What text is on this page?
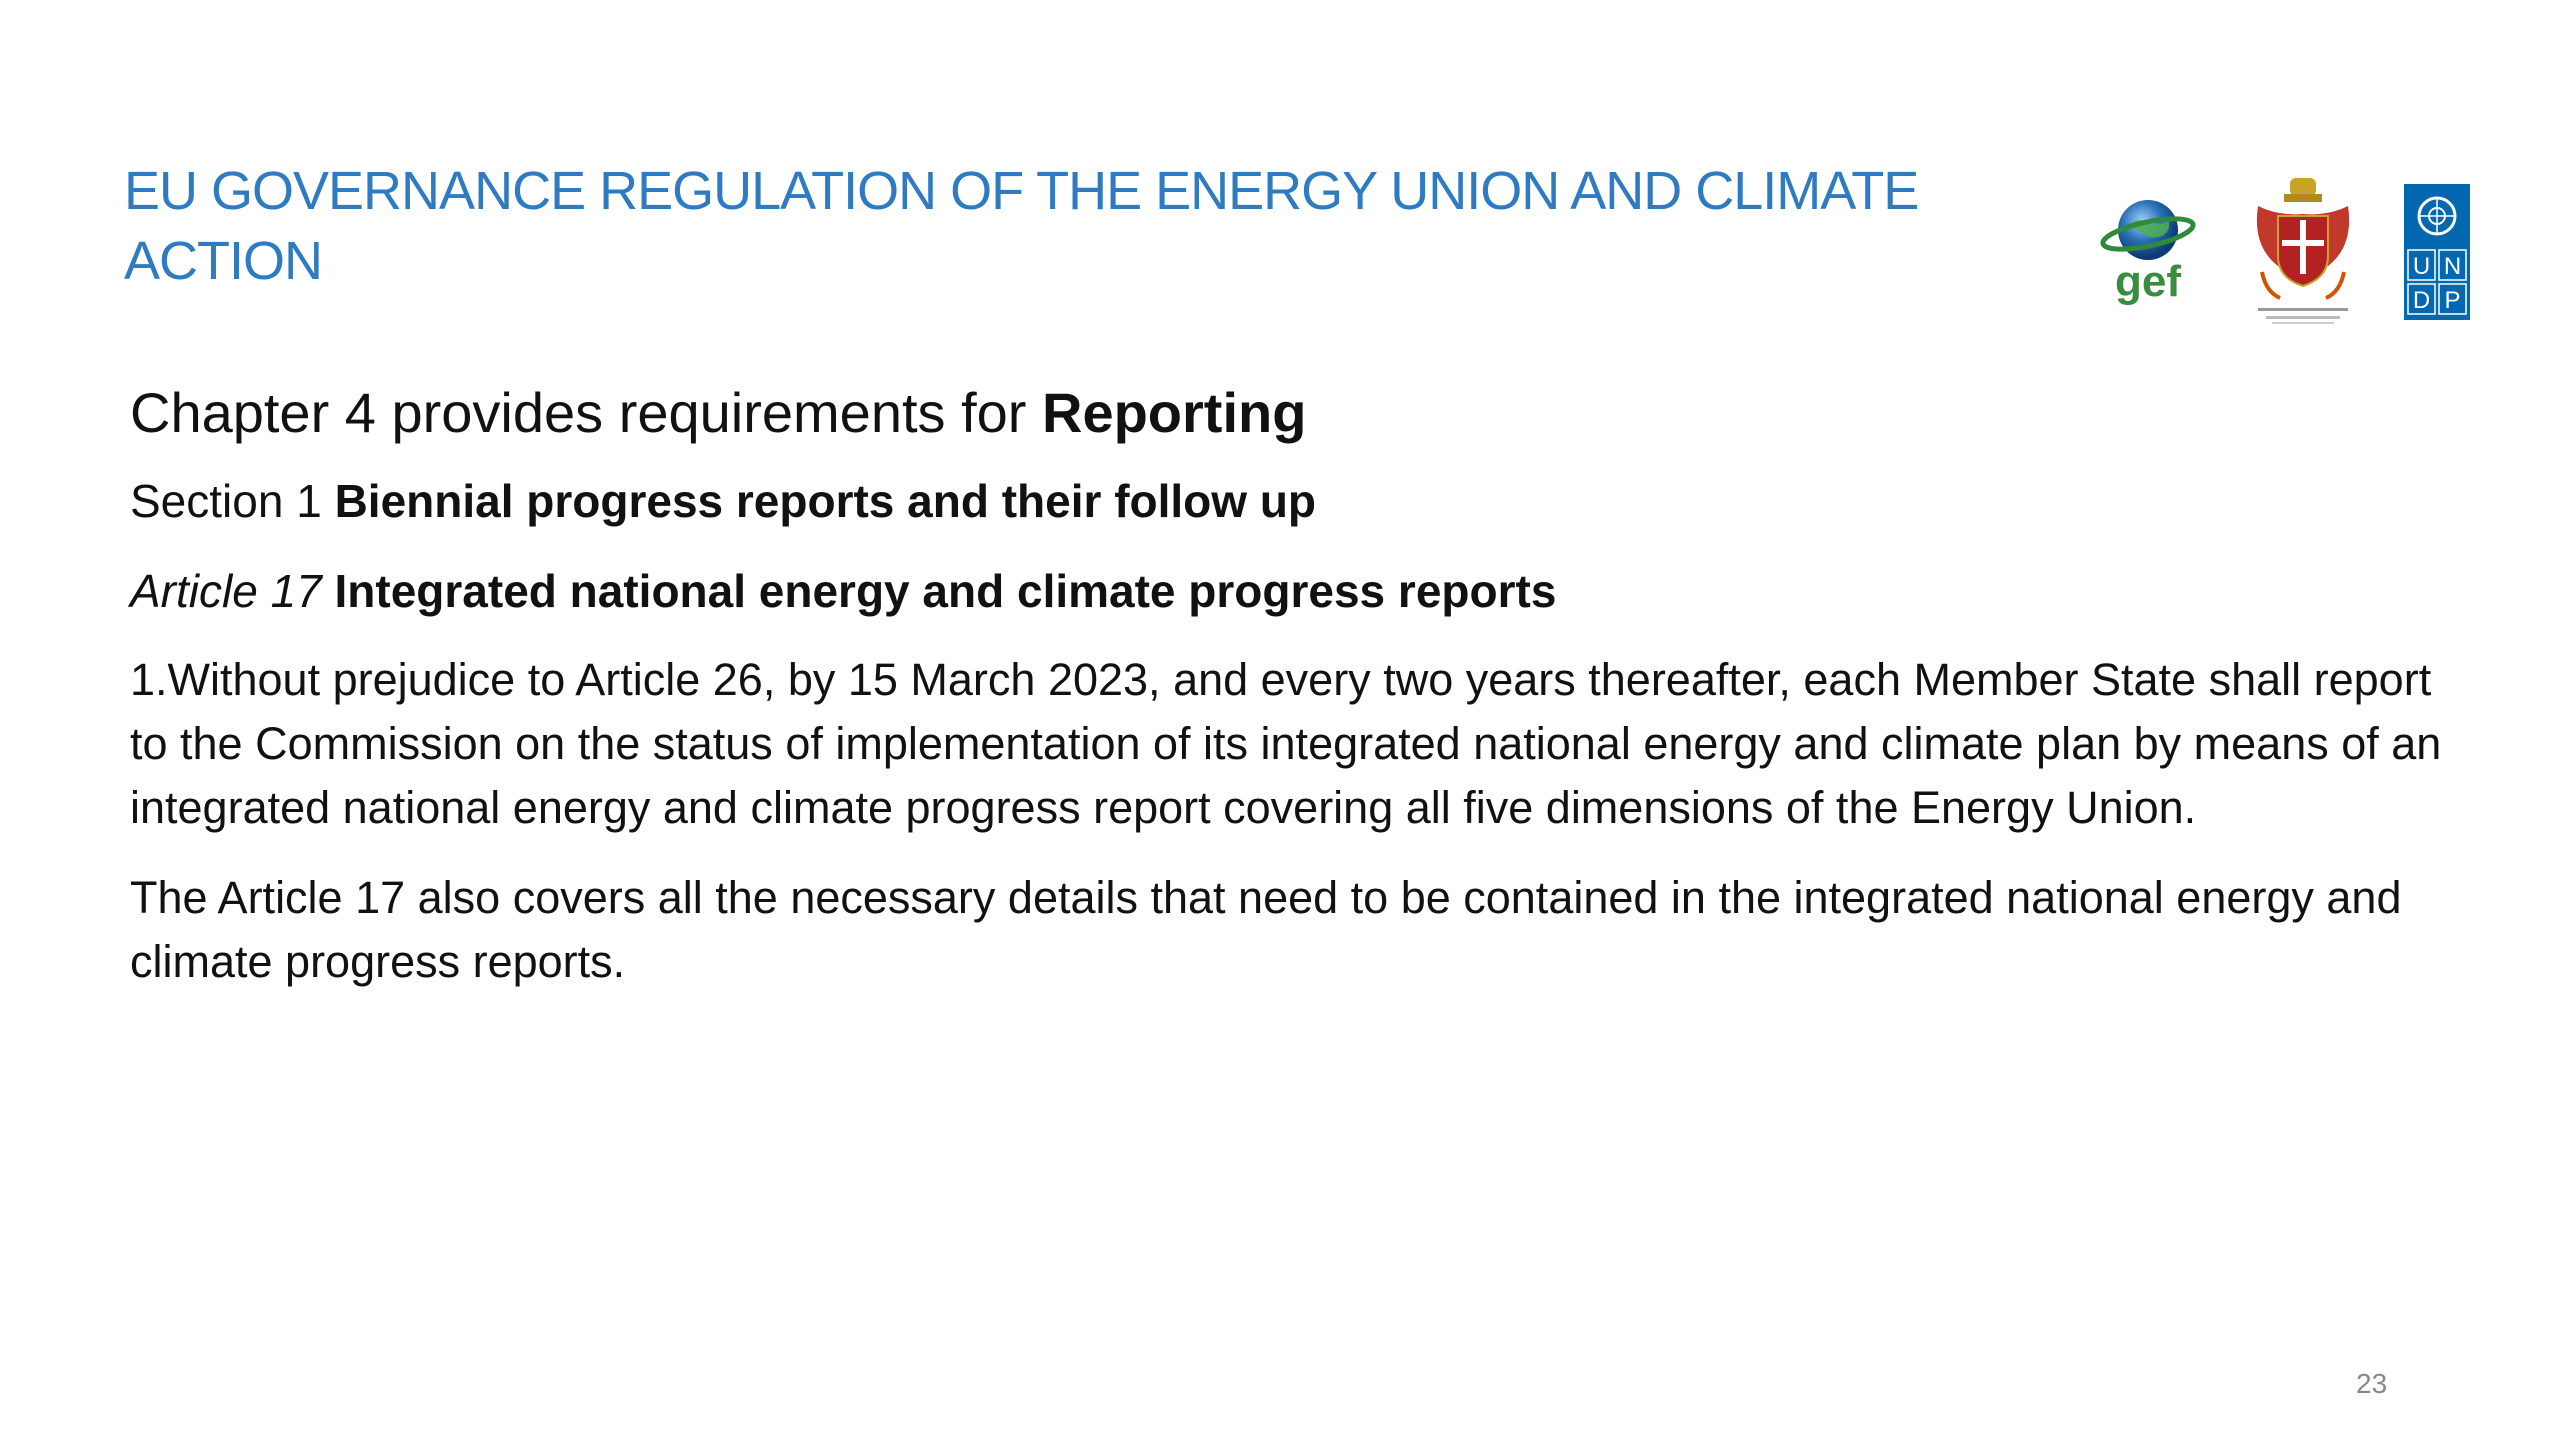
EU GOVERNANCE REGULATION OF THE ENERGY UNION AND CLIMATE ACTION	gef	U N
D P

Chapter 4 provides requirements for Reporting

Section 1 Biennial progress reports and their follow up

Article 17 Integrated national energy and climate progress reports

1.Without prejudice to Article 26, by 15 March 2023, and every two years thereafter, each Member State shall report to the Commission on the status of implementation of its integrated national energy and climate plan by means of an integrated national energy and climate progress report covering all five dimensions of the Energy Union.

The Article 17 also covers all the necessary details that need to be contained in the integrated national energy and climate progress reports.

23
